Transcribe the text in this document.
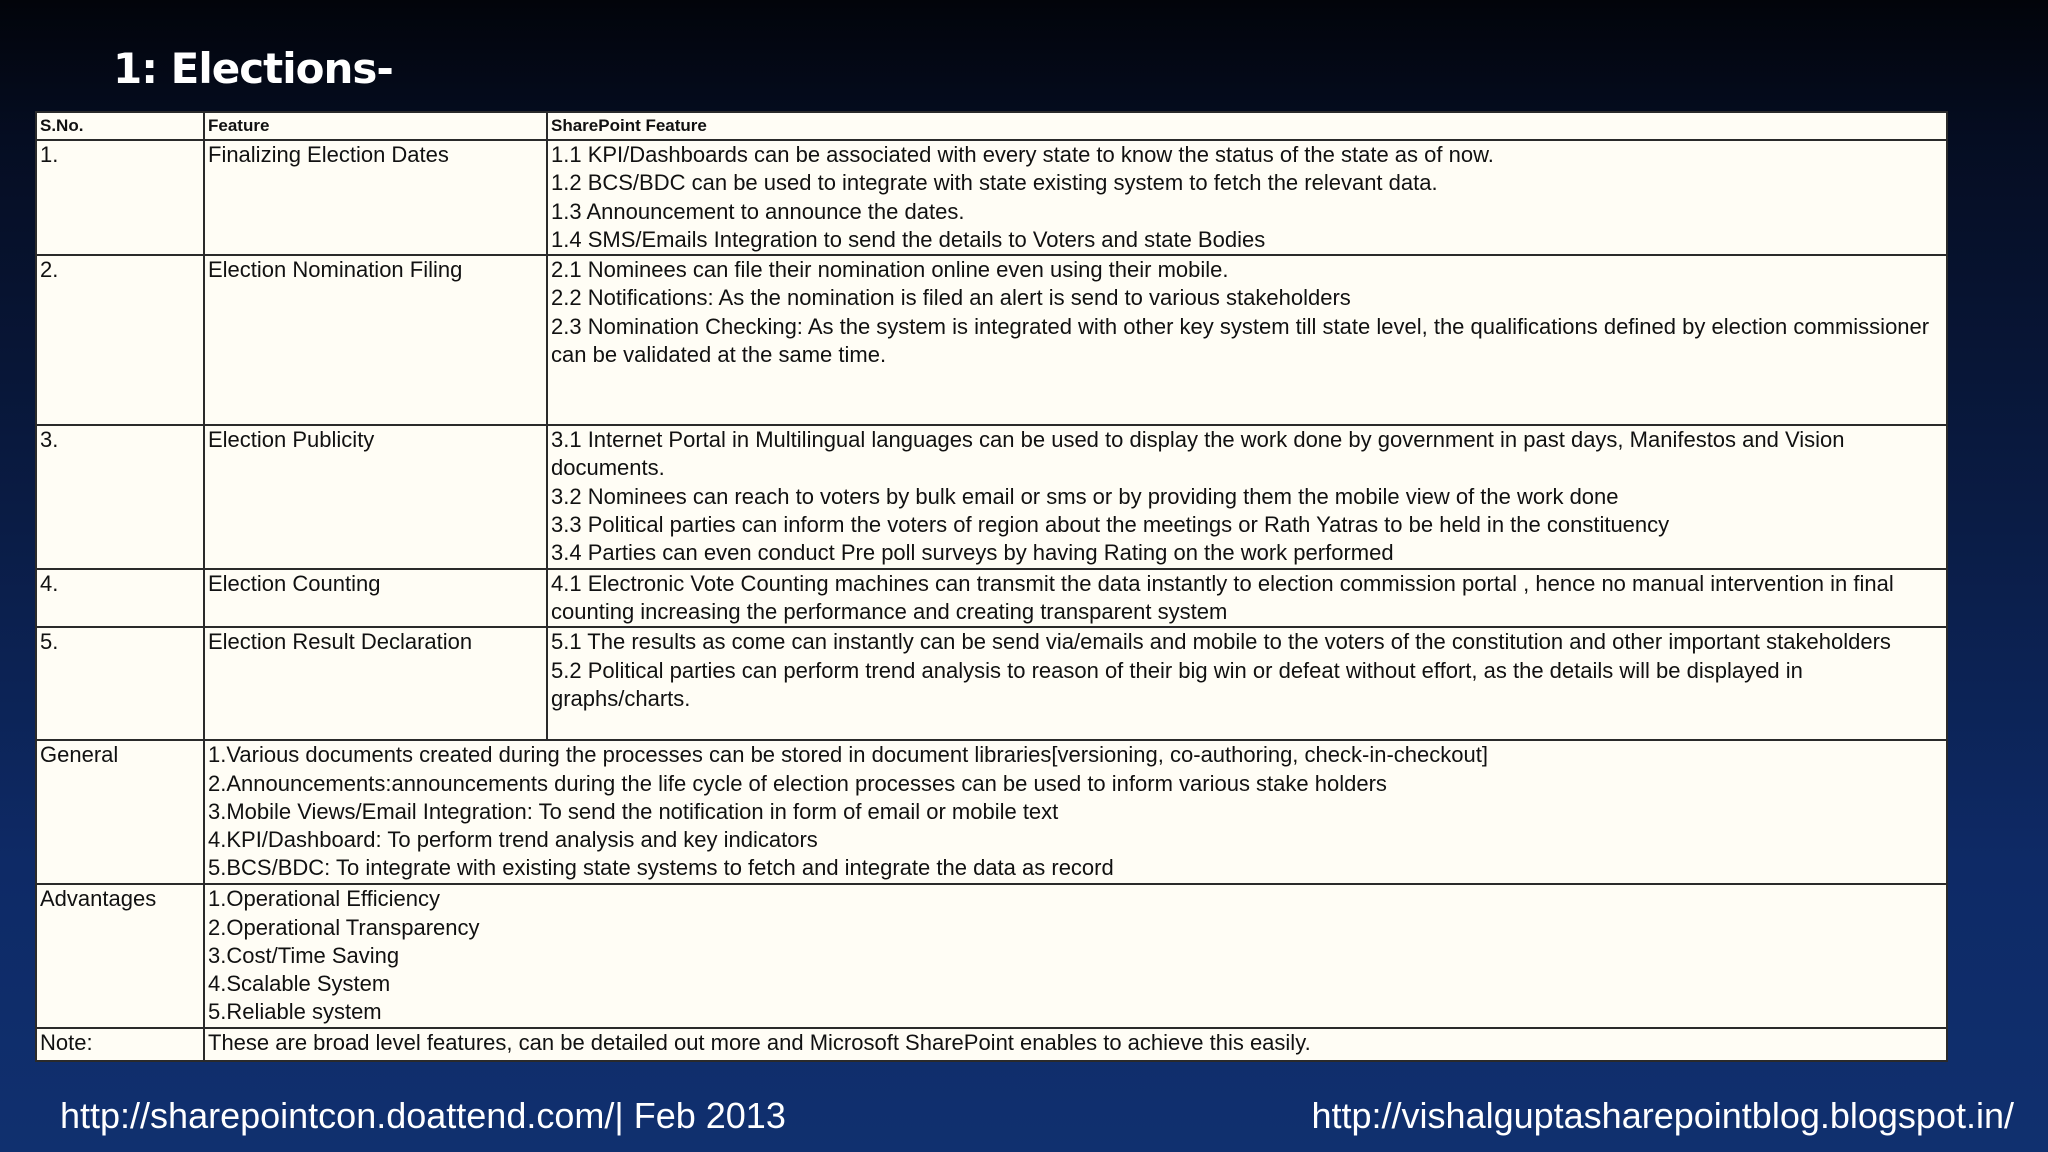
1: Elections-
S.No.	Feature	SharePoint Feature
1.	Finalizing Election Dates	1.1 KPI/Dashboards can be associated with every state to know the status of the state as of now.
1.2 BCS/BDC can be used to integrate with state existing system to fetch the relevant data.
1.3 Announcement to announce the dates.
1.4 SMS/Emails Integration to send the details to Voters and state Bodies

2.	Election Nomination Filing	2.1 Nominees can file their nomination online even using their mobile.
2.2 Notifications: As the nomination is filed an alert is send to various stakeholders
2.3 Nomination Checking: As the system is integrated with other key system till state level, the qualifications defined by election commissioner can be validated at the same time.

3.	Election Publicity	3.1 Internet Portal in Multilingual languages can be used to display the work done by government in past days, Manifestos and Vision documents.
3.2 Nominees can reach to voters by bulk email or sms or by providing them the mobile view of the work done
3.3 Political parties can inform the voters of region about the meetings or Rath Yatras to be held in the constituency
3.4 Parties can even conduct Pre poll surveys by having Rating on the work performed

4.	Election Counting	4.1 Electronic Vote Counting machines can transmit the data instantly to election commission portal , hence no manual intervention in final counting increasing the performance and creating transparent system

5.	Election Result Declaration	5.1 The results as come can instantly can be send via/emails and mobile to the voters of the constitution and other important stakeholders
5.2 Political parties can perform trend analysis to reason of their big win or defeat without effort, as the details will be displayed in graphs/charts.

General	1.Various documents created during the processes can be stored in document libraries[versioning, co-authoring, check-in-checkout]
2.Announcements:announcements during the life cycle of election processes can be used to inform various stake holders
3.Mobile Views/Email Integration: To send the notification in form of email or mobile text
4.KPI/Dashboard: To perform trend analysis and key indicators
5.BCS/BDC: To integrate with existing state systems to fetch and integrate the data as record	

Advantages	1.Operational Efficiency
2.Operational Transparency
3.Cost/Time Saving
4.Scalable System
5.Reliable system	

Note:	These are broad level features, can be detailed out more and Microsoft SharePoint enables to achieve this easily.	
http://sharepointcon.doattend.com/| Feb 2013	http://vishalguptasharepointblog.blogspot.in/
